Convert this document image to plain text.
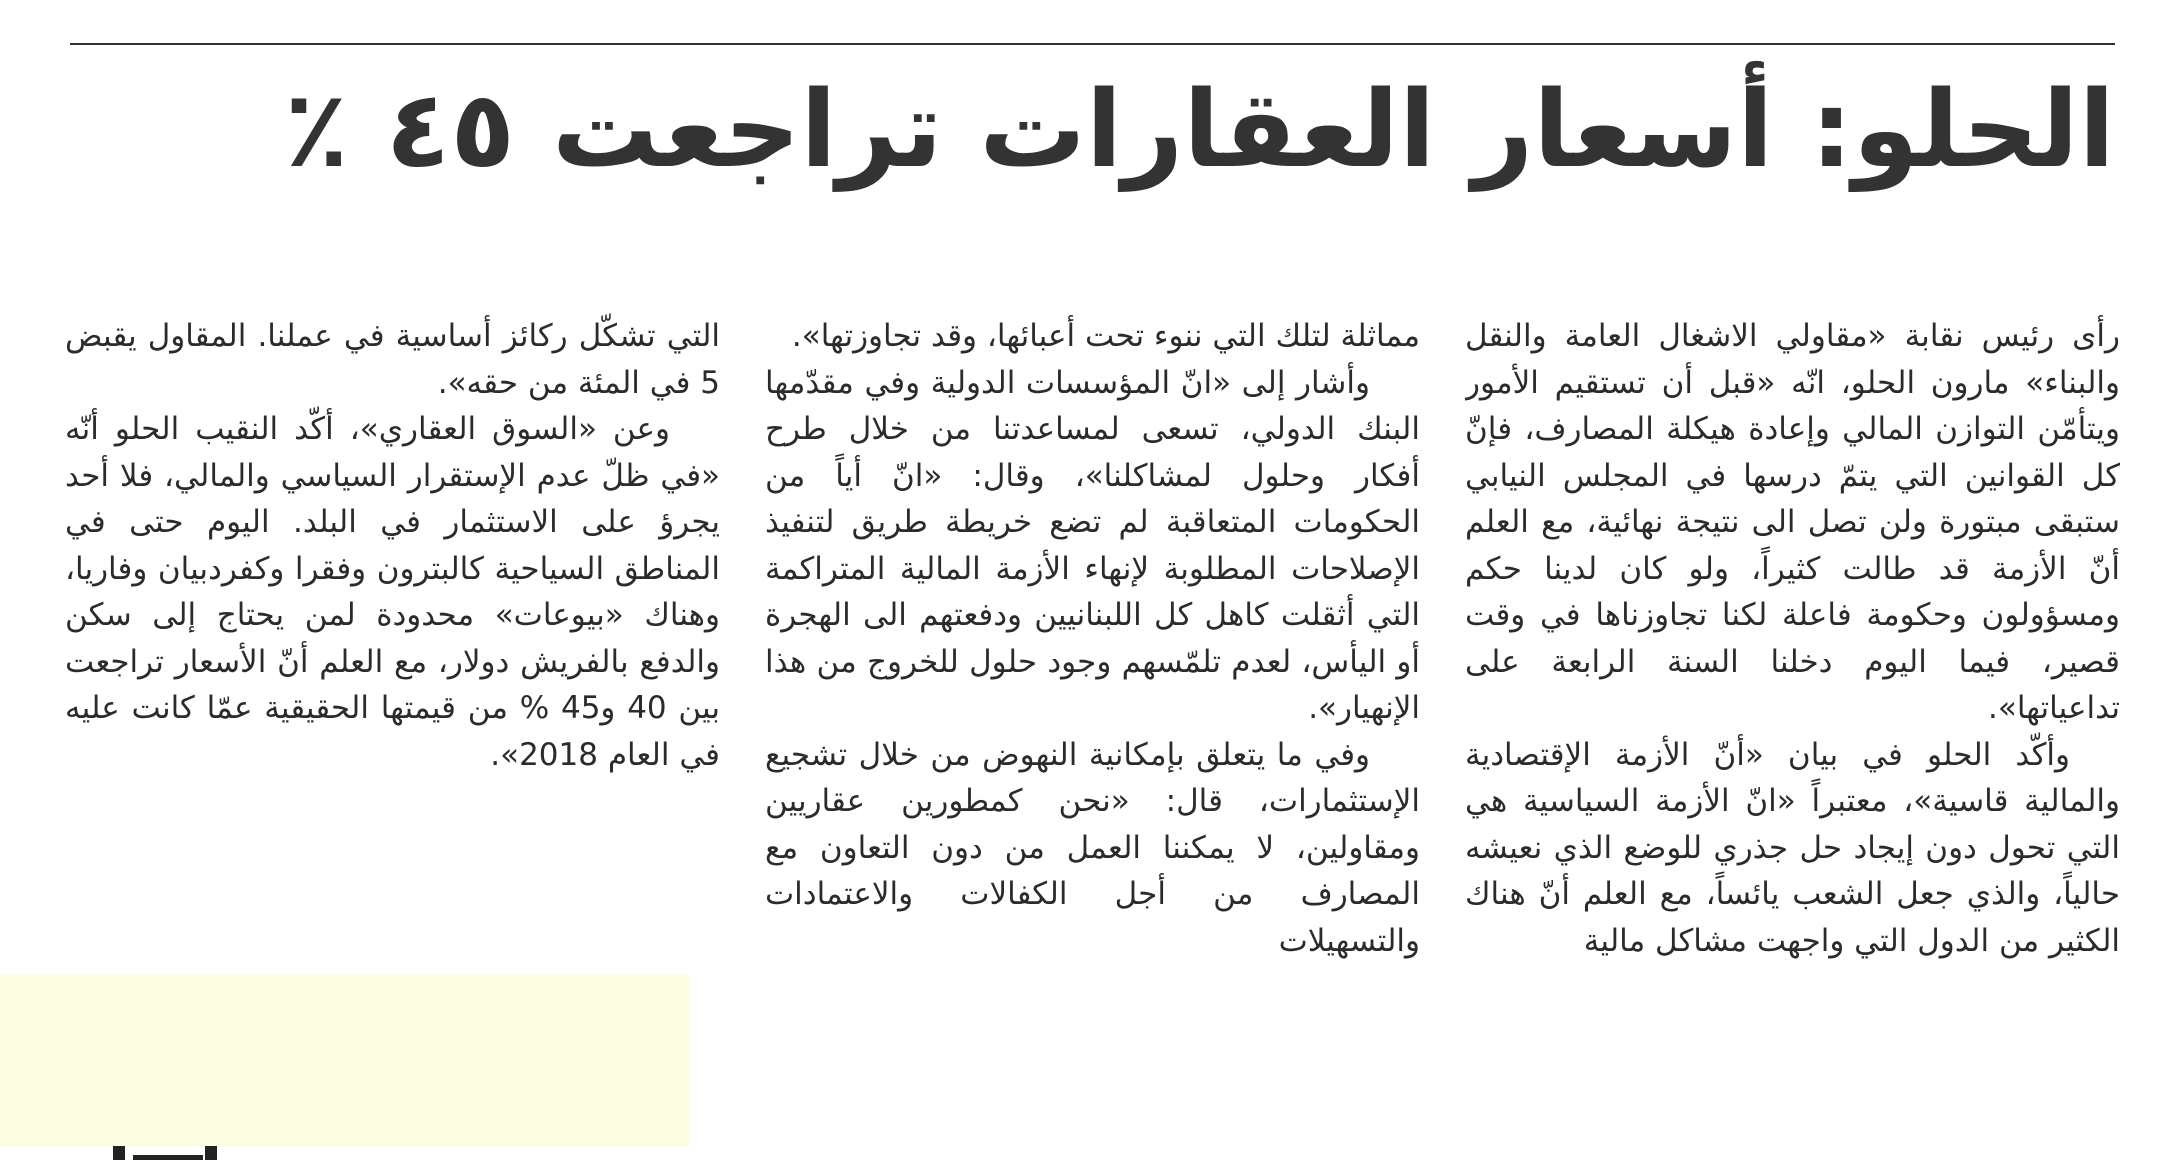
الحلو: أسعار العقارات تراجعت ٤٥ ٪

رأى رئيس نقابة «مقاولي الاشغال العامة والنقل والبناء» مارون الحلو، انّه «قبل أن تستقيم الأمور ويتأمّن التوازن المالي وإعادة هيكلة المصارف، فإنّ كل القوانين التي يتمّ درسها في المجلس النيابي ستبقى مبتورة ولن تصل الى نتيجة نهائية، مع العلم أنّ الأزمة قد طالت كثيراً، ولو كان لدينا حكم ومسؤولون وحكومة فاعلة لكنا تجاوزناها في وقت قصير، فيما اليوم دخلنا السنة الرابعة على تداعياتها».

وأكّد الحلو في بيان «أنّ الأزمة الإقتصادية والمالية قاسية»، معتبراً «انّ الأزمة السياسية هي التي تحول دون إيجاد حل جذري للوضع الذي نعيشه حالياً، والذي جعل الشعب يائساً، مع العلم أنّ هناك الكثير من الدول التي واجهت مشاكل مالية

مماثلة لتلك التي ننوء تحت أعبائها، وقد تجاوزتها».

وأشار إلى «انّ المؤسسات الدولية وفي مقدّمها البنك الدولي، تسعى لمساعدتنا من خلال طرح أفكار وحلول لمشاكلنا»، وقال: «انّ أياً من الحكومات المتعاقبة لم تضع خريطة طريق لتنفيذ الإصلاحات المطلوبة لإنهاء الأزمة المالية المتراكمة التي أثقلت كاهل كل اللبنانيين ودفعتهم الى الهجرة أو اليأس، لعدم تلمّسهم وجود حلول للخروج من هذا الإنهيار».

وفي ما يتعلق بإمكانية النهوض من خلال تشجيع الإستثمارات، قال: «نحن كمطورين عقاريين ومقاولين، لا يمكننا العمل من دون التعاون مع المصارف من أجل الكفالات والاعتمادات والتسهيلات

التي تشكّل ركائز أساسية في عملنا. المقاول يقبض 5 في المئة من حقه».

وعن «السوق العقاري»، أكّد النقيب الحلو أنّه «في ظلّ عدم الإستقرار السياسي والمالي، فلا أحد يجرؤ على الاستثمار في البلد. اليوم حتى في المناطق السياحية كالبترون وفقرا وكفردبيان وفاريا، وهناك «بيوعات» محدودة لمن يحتاج إلى سكن والدفع بالفريش دولار، مع العلم أنّ الأسعار تراجعت بين 40 و45 % من قيمتها الحقيقية عمّا كانت عليه في العام 2018».
